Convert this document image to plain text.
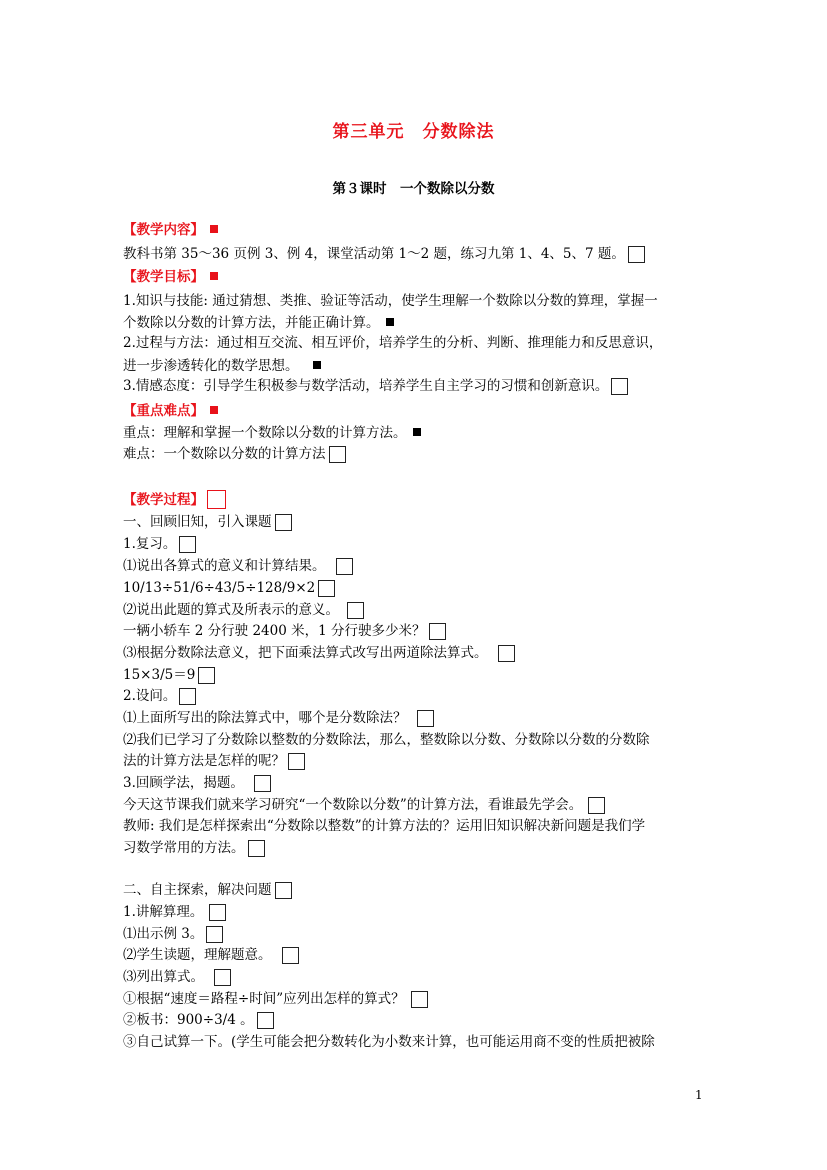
第三单元　分数除法
第３课时　一个数除以分数
【教学内容】
教科书第 35～36 页例 3、例 4，课堂活动第 1～2 题，练习九第 1、4、5、7 题。
【教学目标】
1.知识与技能: 通过猜想、类推、验证等活动，使学生理解一个数除以分数的算理，掌握一
个数除以分数的计算方法，并能正确计算。
2.过程与方法：通过相互交流、相互评价，培养学生的分析、判断、推理能力和反思意识，
进一步渗透转化的数学思想。
3.情感态度：引导学生积极参与数学活动，培养学生自主学习的习惯和创新意识。
【重点难点】
重点：理解和掌握一个数除以分数的计算方法。
难点：一个数除以分数的计算方法
【教学过程】
一、回顾旧知，引入课题
1.复习。
⑴说出各算式的意义和计算结果。
10/13÷51/6÷43/5÷128/9×2
⑵说出此题的算式及所表示的意义。
一辆小轿车 2 分行驶 2400 米，1 分行驶多少米？
⑶根据分数除法意义，把下面乘法算式改写出两道除法算式。
15×3/5＝9
2.设问。
⑴上面所写出的除法算式中，哪个是分数除法？
⑵我们已学习了分数除以整数的分数除法，那么，整数除以分数、分数除以分数的分数除
法的计算方法是怎样的呢？
3.回顾学法，揭题。
今天这节课我们就来学习研究“一个数除以分数”的计算方法，看谁最先学会。
教师: 我们是怎样探索出“分数除以整数”的计算方法的？运用旧知识解决新问题是我们学
习数学常用的方法。
二、自主探索，解决问题
1.讲解算理。
⑴出示例 3。
⑵学生读题，理解题意。
⑶列出算式。
①根据“速度＝路程÷时间”应列出怎样的算式？
②板书：900÷3/4 。
③自己试算一下。(学生可能会把分数转化为小数来计算，也可能运用商不变的性质把被除
1
